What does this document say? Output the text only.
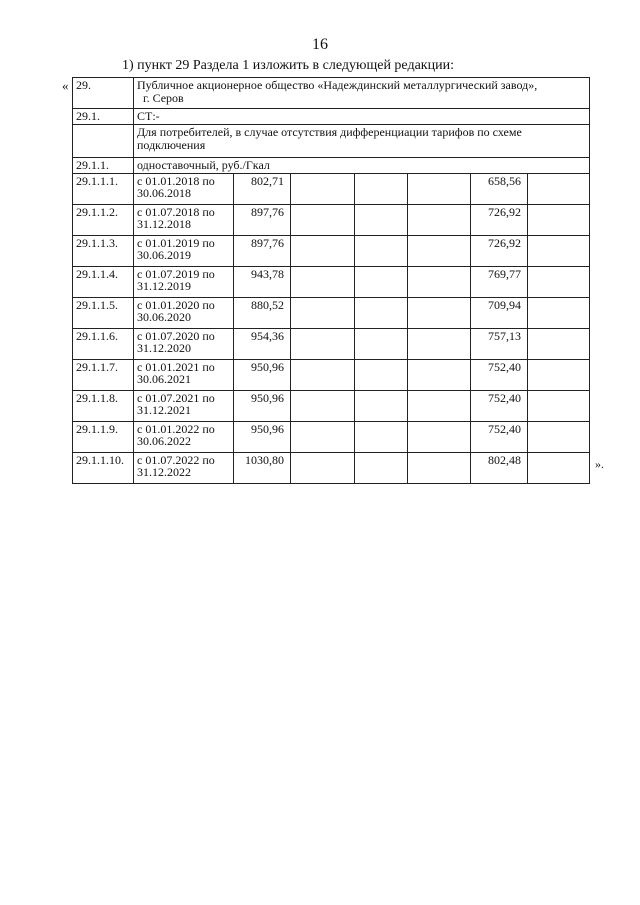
16
1) пункт 29 Раздела 1 изложить в следующей редакции:
« 29.	Публичное акционерное общество «Надеждинский металлургический завод»,
г. Серов						

29.1.	СТ:-						
	Для потребителей, в случае отсутствия дифференциации тарифов по схеме подключения						
29.1.1.	одноставочный, руб./Гкал						
29.1.1.1.	с 01.01.2018 по
30.06.2018	802,71				658,56	
29.1.1.2.	с 01.07.2018 по
31.12.2018	897,76				726,92	
29.1.1.3.	с 01.01.2019 по
30.06.2019	897,76				726,92	
29.1.1.4.	с 01.07.2019 по
31.12.2019	943,78				769,77	
29.1.1.5.	с 01.01.2020 по
30.06.2020	880,52				709,94	
29.1.1.6.	с 01.07.2020 по
31.12.2020	954,36				757,13	
29.1.1.7.	с 01.01.2021 по
30.06.2021	950,96				752,40	
29.1.1.8.	с 01.07.2021 по
31.12.2021	950,96				752,40	
29.1.1.9.	с 01.01.2022 по
30.06.2022	950,96				752,40	
29.1.1.10.	с 01.07.2022 по
31.12.2022	1030,80				802,48		».
